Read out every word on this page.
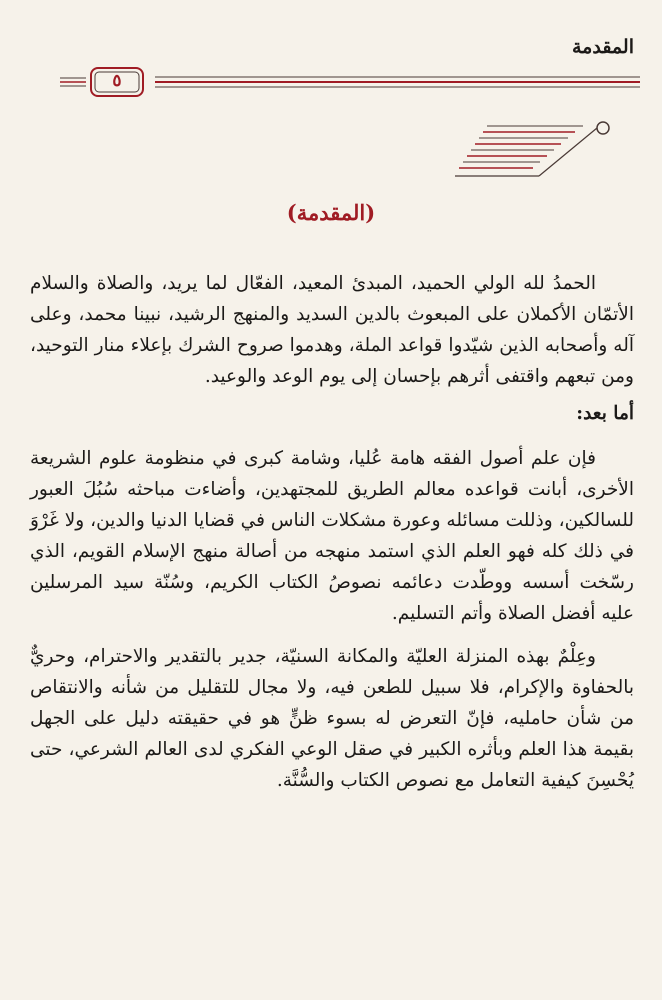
المقدمة
٥
(المقدمة)

الحمدُ لله الولي الحميد، المبدئ المعيد، الفعّال لما يريد، والصلاة والسلام الأتمّان الأكملان على المبعوث بالدين السديد والمنهج الرشيد، نبينا محمد، وعلى آله وأصحابه الذين شيّدوا قواعد الملة، وهدموا صروح الشرك بإعلاء منار التوحيد، ومن تبعهم واقتفى أثرهم بإحسان إلى يوم الوعد والوعيد.

أما بعد:

فإن علم أصول الفقه هامة عُليا، وشامة كبرى في منظومة علوم الشريعة الأخرى، أبانت قواعده معالم الطريق للمجتهدين، وأضاءت مباحثه سُبُلَ العبور للسالكين، وذللت مسائله وعورة مشكلات الناس في قضايا الدنيا والدين، ولا غَرْوَ في ذلك كله فهو العلم الذي استمد منهجه من أصالة منهج الإسلام القويم، الذي رسّخت أسسه ووطّدت دعائمه نصوصُ الكتاب الكريم، وسُنّة سيد المرسلين عليه أفضل الصلاة وأتم التسليم.

وعِلْمٌ بهذه المنزلة العليّة والمكانة السنيّة، جدير بالتقدير والاحترام، وحريٌّ بالحفاوة والإكرام، فلا سبيل للطعن فيه، ولا مجال للتقليل من شأنه والانتقاص من شأن حامليه، فإنّ التعرض له بسوء ظنٍّ هو في حقيقته دليل على الجهل بقيمة هذا العلم وبأثره الكبير في صقل الوعي الفكري لدى العالم الشرعي، حتى يُحْسِنَ كيفية التعامل مع نصوص الكتاب والسُّنَّة.
